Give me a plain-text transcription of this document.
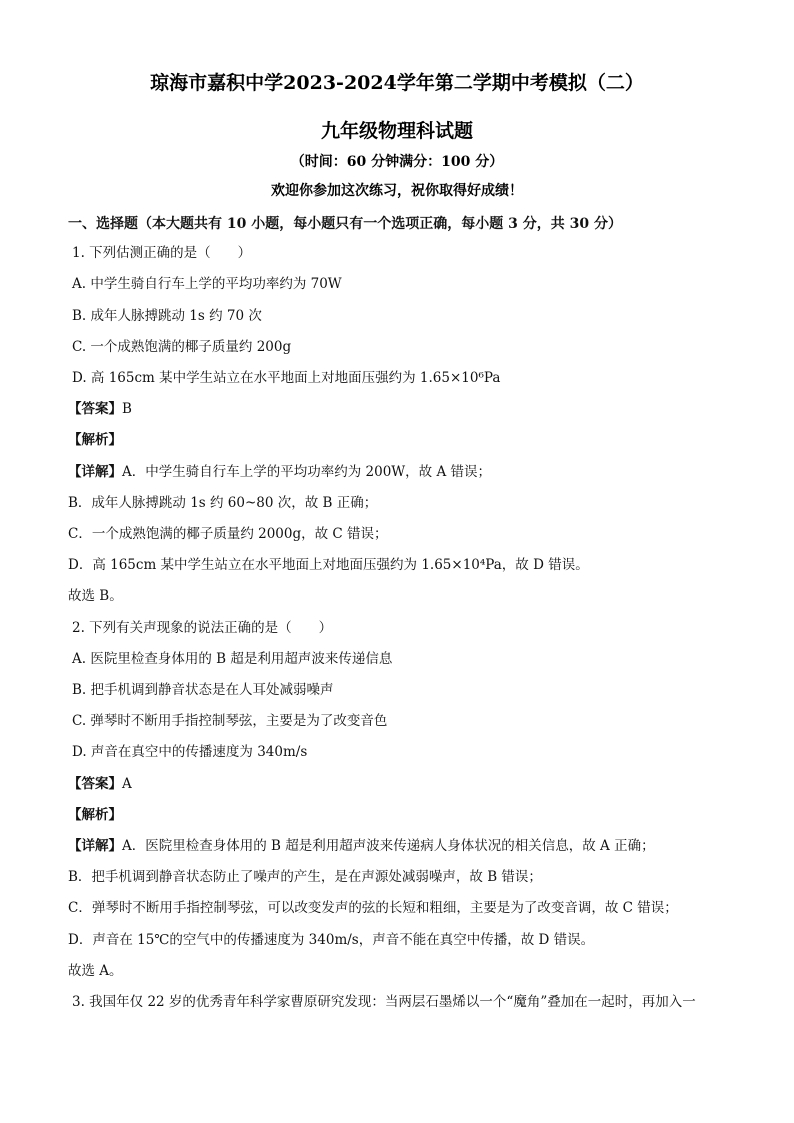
琼海市嘉积中学2023-2024学年第二学期中考模拟（二）
九年级物理科试题
（时间：60 分钟满分：100 分）
欢迎你参加这次练习，祝你取得好成绩！
一、选择题（本大题共有 10 小题，每小题只有一个选项正确，每小题 3 分，共 30 分）
1. 下列估测正确的是（　　）
A. 中学生骑自行车上学的平均功率约为 70W
B. 成年人脉搏跳动 1s 约 70 次
C. 一个成熟饱满的椰子质量约 200g
D. 高 165cm 某中学生站立在水平地面上对地面压强约为 1.65×10⁶Pa
【答案】B
【解析】
【详解】A．中学生骑自行车上学的平均功率约为 200W，故 A 错误；
B．成年人脉搏跳动 1s 约 60~80 次，故 B 正确；
C．一个成熟饱满的椰子质量约 2000g，故 C 错误；
D．高 165cm 某中学生站立在水平地面上对地面压强约为 1.65×10⁴Pa，故 D 错误。
故选 B。
2. 下列有关声现象的说法正确的是（　　）
A. 医院里检查身体用的 B 超是利用超声波来传递信息
B. 把手机调到静音状态是在人耳处减弱噪声
C. 弹琴时不断用手指控制琴弦，主要是为了改变音色
D. 声音在真空中的传播速度为 340m/s
【答案】A
【解析】
【详解】A．医院里检查身体用的 B 超是利用超声波来传递病人身体状况的相关信息，故 A 正确；
B．把手机调到静音状态防止了噪声的产生，是在声源处减弱噪声，故 B 错误；
C．弹琴时不断用手指控制琴弦，可以改变发声的弦的长短和粗细，主要是为了改变音调，故 C 错误；
D．声音在 15℃的空气中的传播速度为 340m/s，声音不能在真空中传播，故 D 错误。
故选 A。
3. 我国年仅 22 岁的优秀青年科学家曹原研究发现：当两层石墨烯以一个“魔角”叠加在一起时，再加入一
